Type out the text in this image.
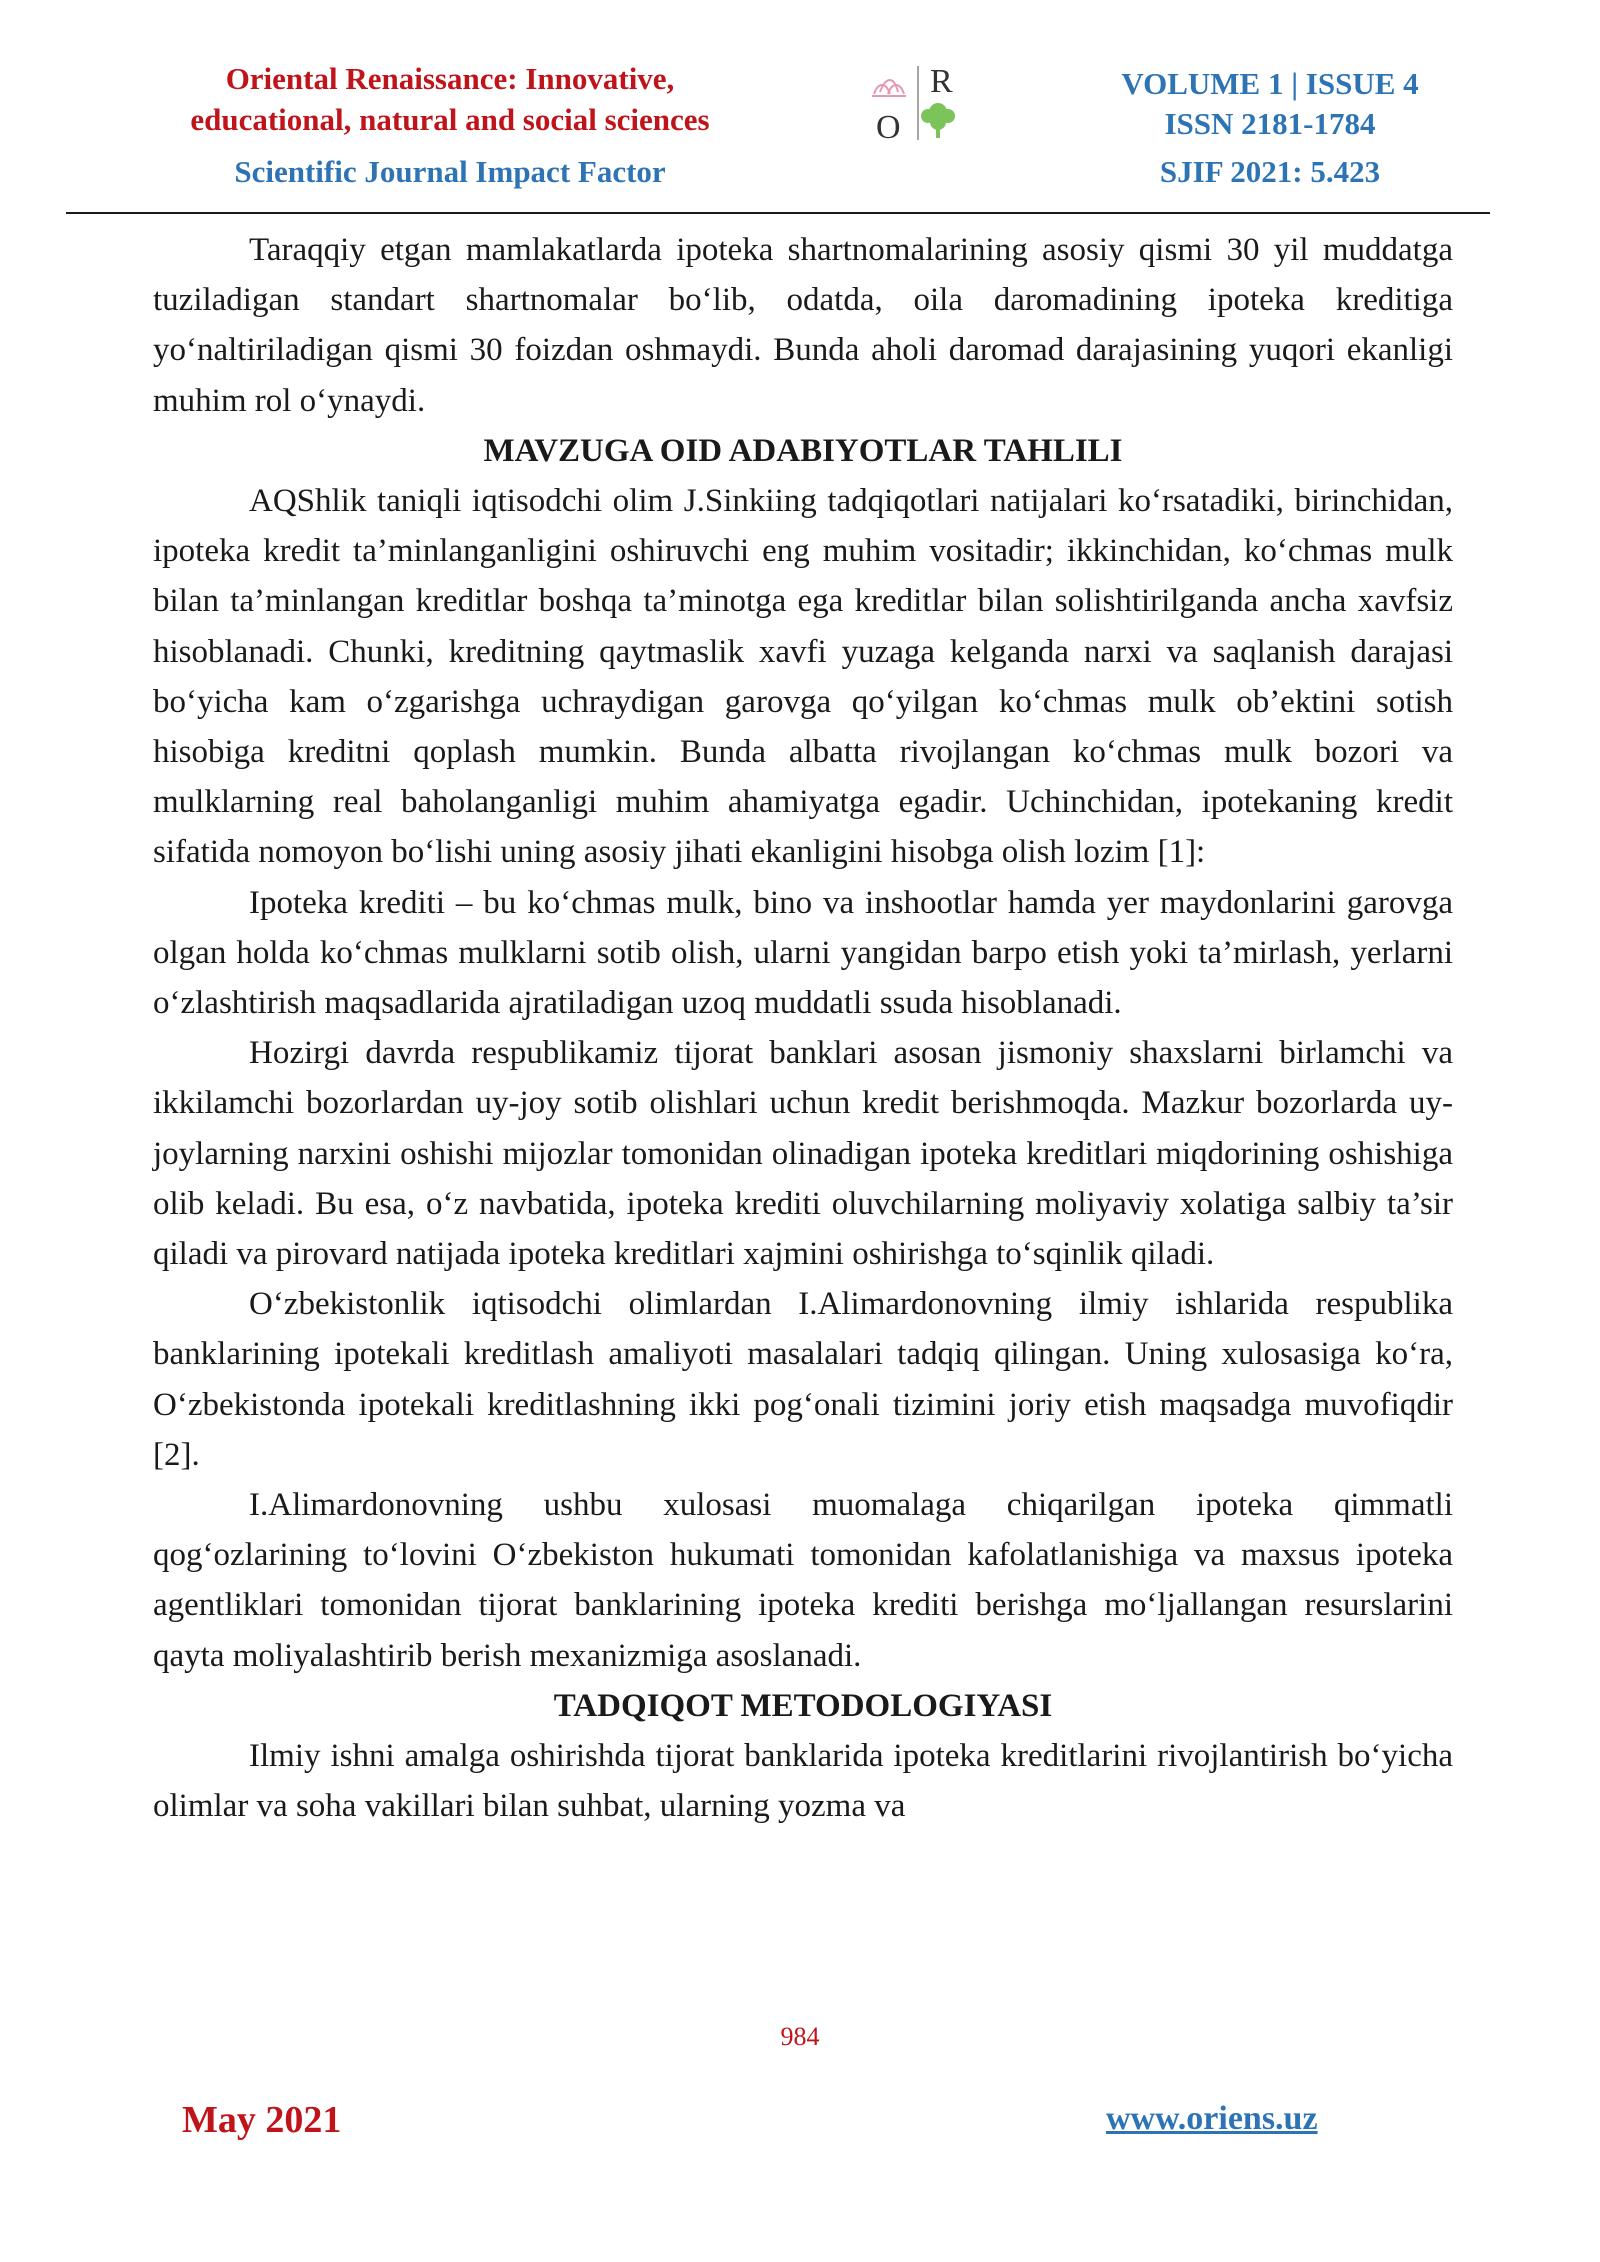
Oriental Renaissance: Innovative,
educational, natural and social sciences
Scientific Journal Impact Factor
R
O
VOLUME 1 | ISSUE 4
ISSN 2181-1784
SJIF 2021: 5.423

Taraqqiy etgan mamlakatlarda ipoteka shartnomalarining asosiy qismi 30 yil muddatga tuziladigan standart shartnomalar bo‘lib, odatda, oila daromadining ipoteka kreditiga yo‘naltiriladigan qismi 30 foizdan oshmaydi. Bunda aholi daromad darajasining yuqori ekanligi muhim rol o‘ynaydi.

MAVZUGA OID ADABIYOTLAR TAHLILI

AQShlik taniqli iqtisodchi olim J.Sinkiing tadqiqotlari natijalari ko‘rsatadiki, birinchidan, ipoteka kredit ta’minlanganligini oshiruvchi eng muhim vositadir; ikkinchidan, ko‘chmas mulk bilan ta’minlangan kreditlar boshqa ta’minotga ega kreditlar bilan solishtirilganda ancha xavfsiz hisoblanadi. Chunki, kreditning qaytmaslik xavfi yuzaga kelganda narxi va saqlanish darajasi bo‘yicha kam o‘zgarishga uchraydigan garovga qo‘yilgan ko‘chmas mulk ob’ektini sotish hisobiga kreditni qoplash mumkin. Bunda albatta rivojlangan ko‘chmas mulk bozori va mulklarning real baholanganligi muhim ahamiyatga egadir. Uchinchidan, ipotekaning kredit sifatida nomoyon bo‘lishi uning asosiy jihati ekanligini hisobga olish lozim [1]:

Ipoteka krediti – bu ko‘chmas mulk, bino va inshootlar hamda yer maydonlarini garovga olgan holda ko‘chmas mulklarni sotib olish, ularni yangidan barpo etish yoki ta’mirlash, yerlarni o‘zlashtirish maqsadlarida ajratiladigan uzoq muddatli ssuda hisoblanadi.

Hozirgi davrda respublikamiz tijorat banklari asosan jismoniy shaxslarni birlamchi va ikkilamchi bozorlardan uy-joy sotib olishlari uchun kredit berishmoqda. Mazkur bozorlarda uy-joylarning narxini oshishi mijozlar tomonidan olinadigan ipoteka kreditlari miqdorining oshishiga olib keladi. Bu esa, o‘z navbatida, ipoteka krediti oluvchilarning moliyaviy xolatiga salbiy ta’sir qiladi va pirovard natijada ipoteka kreditlari xajmini oshirishga to‘sqinlik qiladi.

O‘zbekistonlik iqtisodchi olimlardan I.Alimardonovning ilmiy ishlarida respublika banklarining ipotekali kreditlash amaliyoti masalalari tadqiq qilingan. Uning xulosasiga ko‘ra, O‘zbekistonda ipotekali kreditlashning ikki pog‘onali tizimini joriy etish maqsadga muvofiqdir [2].

I.Alimardonovning ushbu xulosasi muomalaga chiqarilgan ipoteka qimmatli qog‘ozlarining to‘lovini O‘zbekiston hukumati tomonidan kafolatlanishiga va maxsus ipoteka agentliklari tomonidan tijorat banklarining ipoteka krediti berishga mo‘ljallangan resurslarini qayta moliyalashtirib berish mexanizmiga asoslanadi.

TADQIQOT METODOLOGIYASI

Ilmiy ishni amalga oshirishda tijorat banklarida ipoteka kreditlarini rivojlantirish bo‘yicha olimlar va soha vakillari bilan suhbat, ularning yozma va

984
May 2021	www.oriens.uz
